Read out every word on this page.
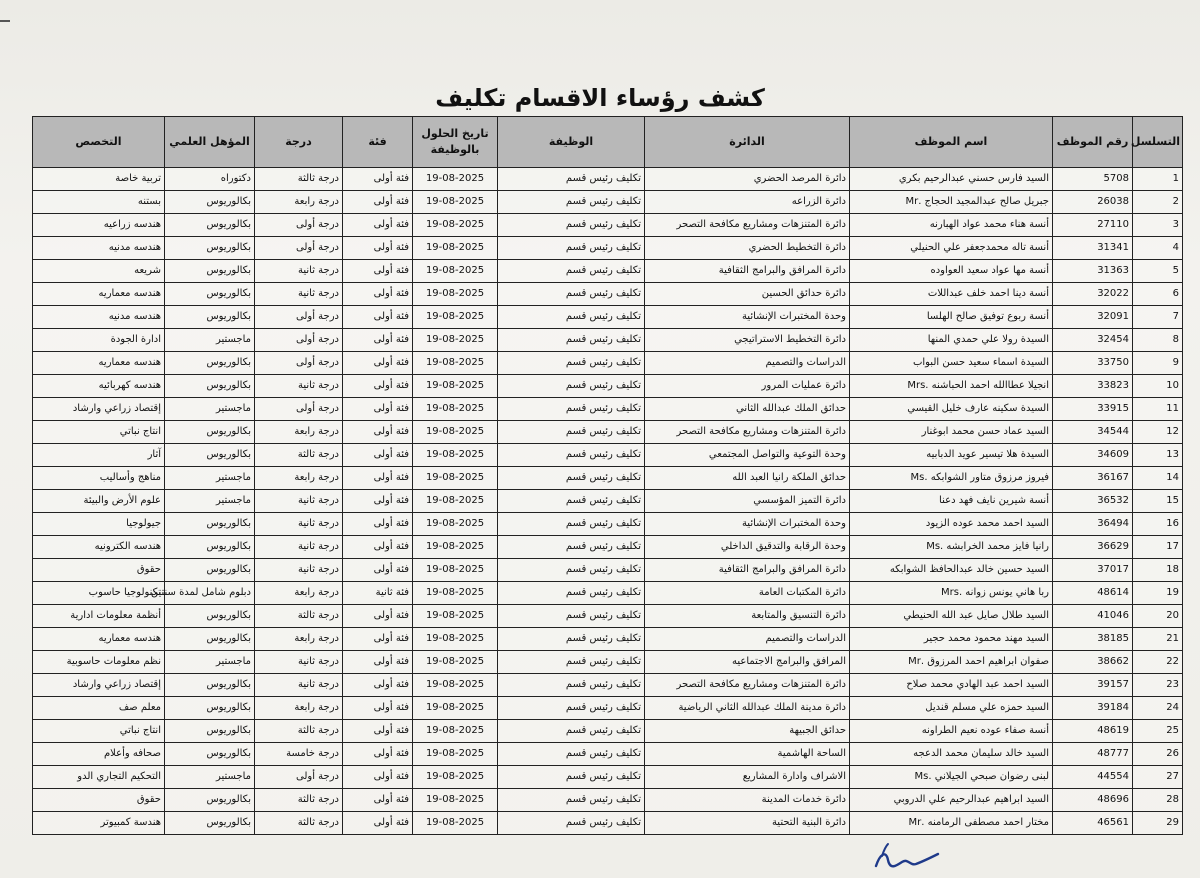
كشف رؤساء الاقسام تكليف
التسلسل	رقم الموظف	اسم الموظف	الدائرة	الوظيفة	تاريخ الحلول بالوظيفة	فئة	درجة	المؤهل العلمي	التخصص
1	5708	السيد فارس حسني عبدالرحيم بكري	دائرة المرصد الحضري	تكليف رئيس قسم	19-08-2025	فئة أولى	درجة ثالثة	دكتوراه	تربية خاصة
2	26038	جبريل صالح عبدالمجيد الحجاج .Mr	دائرة الزراعه	تكليف رئيس قسم	19-08-2025	فئة أولى	درجة رابعة	بكالوريوس	بستنه
3	27110	أنسة هناء محمد عواد الهبارنه	دائرة المتنزهات ومشاريع مكافحة التصحر	تكليف رئيس قسم	19-08-2025	فئة أولى	درجة أولى	بكالوريوس	هندسه زراعيه
4	31341	أنسة تاله محمدجعفر علي الحنيلي	دائرة التخطيط الحضري	تكليف رئيس قسم	19-08-2025	فئة أولى	درجة أولى	بكالوريوس	هندسه مدنيه
5	31363	أنسة مها عواد سعيد العواوده	دائرة المرافق والبرامج الثقافية	تكليف رئيس قسم	19-08-2025	فئة أولى	درجة ثانية	بكالوريوس	شريعه
6	32022	أنسة دينا احمد خلف عبداللات	دائرة حدائق الحسين	تكليف رئيس قسم	19-08-2025	فئة أولى	درجة ثانية	بكالوريوس	هندسه معماريه
7	32091	أنسة ربوع توفيق صالح الهلسا	وحدة المختبرات الإنشائية	تكليف رئيس قسم	19-08-2025	فئة أولى	درجة أولى	بكالوريوس	هندسه مدنيه
8	32454	السيدة رولا علي حمدي المنها	دائرة التخطيط الاستراتيجي	تكليف رئيس قسم	19-08-2025	فئة أولى	درجة أولى	ماجستير	ادارة الجودة
9	33750	السيدة اسماء سعيد حسن البواب	الدراسات والتصميم	تكليف رئيس قسم	19-08-2025	فئة أولى	درجة أولى	بكالوريوس	هندسه معماريه
10	33823	انجيلا عطاالله احمد الحباشنه .Mrs	دائرة عمليات المرور	تكليف رئيس قسم	19-08-2025	فئة أولى	درجة ثانية	بكالوريوس	هندسه كهربائيه
11	33915	السيدة سكينه عارف خليل القيسي	حدائق الملك عبدالله الثاني	تكليف رئيس قسم	19-08-2025	فئة أولى	درجة أولى	ماجستير	إقتصاد زراعي وارشاد
12	34544	السيد عماد حسن محمد ابوغنار	دائرة المتنزهات ومشاريع مكافحة التصحر	تكليف رئيس قسم	19-08-2025	فئة أولى	درجة رابعة	بكالوريوس	انتاج نباتي
13	34609	السيدة هلا تيسير عويد الدبابيه	وحدة التوعية والتواصل المجتمعي	تكليف رئيس قسم	19-08-2025	فئة أولى	درجة ثالثة	بكالوريوس	آثار
14	36167	فيروز مرزوق متاور الشوابكه .Ms	حدائق الملكة رانيا العبد الله	تكليف رئيس قسم	19-08-2025	فئة أولى	درجة رابعة	ماجستير	مناهج وأساليب
15	36532	أنسة شيرين نايف فهد دعنا	دائرة التميز المؤسسي	تكليف رئيس قسم	19-08-2025	فئة أولى	درجة ثانية	ماجستير	علوم الأرض والبيئة
16	36494	السيد احمد محمد عوده الزيود	وحدة المختبرات الإنشائية	تكليف رئيس قسم	19-08-2025	فئة أولى	درجة ثانية	بكالوريوس	جيولوجيا
17	36629	رانيا فايز محمد الخرابشه .Ms	وحدة الرقابة والتدقيق الداخلي	تكليف رئيس قسم	19-08-2025	فئة أولى	درجة ثانية	بكالوريوس	هندسه الكترونيه
18	37017	السيد حسين خالد عبدالحافظ الشوابكه	دائرة المرافق والبرامج الثقافية	تكليف رئيس قسم	19-08-2025	فئة أولى	درجة ثانية	بكالوريوس	حقوق
19	48614	ربا هاني يونس زوانه .Mrs	دائرة المكتبات العامة	تكليف رئيس قسم	19-08-2025	فئة ثانية	درجة رابعة	دبلوم شامل لمدة سنتين	تكنولوجيا حاسوب
20	41046	السيد طلال صايل عبد الله الحنيطي	دائرة التنسيق والمتابعة	تكليف رئيس قسم	19-08-2025	فئة أولى	درجة ثالثة	بكالوريوس	أنظمة معلومات ادارية
21	38185	السيد مهند محمود محمد حجير	الدراسات والتصميم	تكليف رئيس قسم	19-08-2025	فئة أولى	درجة رابعة	بكالوريوس	هندسه معماريه
22	38662	صفوان ابراهيم احمد المرزوق .Mr	المرافق والبرامج الاجتماعيه	تكليف رئيس قسم	19-08-2025	فئة أولى	درجة ثانية	ماجستير	نظم معلومات حاسوبية
23	39157	السيد احمد عبد الهادي محمد صلاح	دائرة المتنزهات ومشاريع مكافحة التصحر	تكليف رئيس قسم	19-08-2025	فئة أولى	درجة ثانية	بكالوريوس	إقتصاد زراعي وارشاد
24	39184	السيد حمزه علي مسلم قنديل	دائرة مدينة الملك عبدالله الثاني الرياضية	تكليف رئيس قسم	19-08-2025	فئة أولى	درجة رابعة	بكالوريوس	معلم صف
25	48619	أنسة صفاء عوده نعيم الطراونه	حدائق الجبيهة	تكليف رئيس قسم	19-08-2025	فئة أولى	درجة ثالثة	بكالوريوس	انتاج نباتي
26	48777	السيد خالد سليمان محمد الدعجه	الساحة الهاشمية	تكليف رئيس قسم	19-08-2025	فئة أولى	درجة خامسة	بكالوريوس	صحافه وأعلام
27	44554	لبنى رضوان صبحي الجيلاني .Ms	الاشراف وادارة المشاريع	تكليف رئيس قسم	19-08-2025	فئة أولى	درجة أولى	ماجستير	التحكيم التجاري الدو
28	48696	السيد ابراهيم عبدالرحيم علي الدروبي	دائرة خدمات المدينة	تكليف رئيس قسم	19-08-2025	فئة أولى	درجة ثالثة	بكالوريوس	حقوق
29	46561	مختار احمد مصطفى الرمامنه .Mr	دائرة البنية التحتية	تكليف رئيس قسم	19-08-2025	فئة أولى	درجة ثالثة	بكالوريوس	هندسة كمبيوتر
